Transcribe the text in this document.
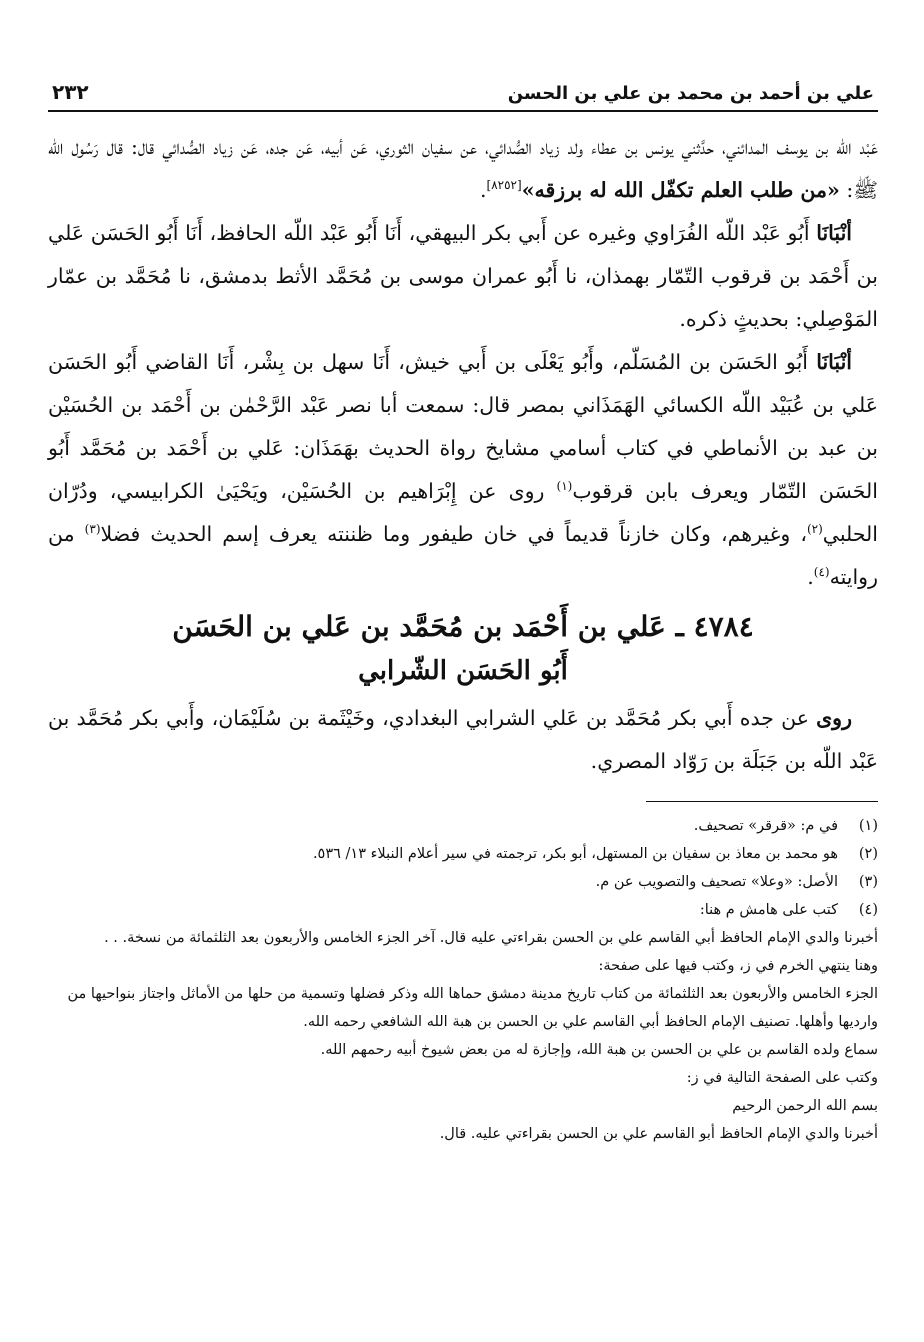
علي بن أحمد بن محمد بن علي بن الحسن
٢٣٢

عَبْد اللّه بن يوسف المدائني، حدَّثني يونس بن عطاء ولد زياد الصُّدائي، عن سفيان الثوري، عَن أبيه، عَن جده، عَن زياد الصُّدائي قال: قال رَسُول الله ﷺ: «من طلب العلم تكفّل الله له برزقه»[٨٢٥٢].

أنْبَانَا أَبُو عَبْد اللّه الفُرَاوي وغيره عن أَبي بكر البيهقي، أَنَا أَبُو عَبْد اللّه الحافظ، أَنَا أَبُو الحَسَن عَلي بن أَحْمَد بن قرقوب التّمّار بهمذان، نا أَبُو عمران موسى بن مُحَمَّد الأثط بدمشق، نا مُحَمَّد بن عمّار المَوْصِلي: بحديثٍ ذكره.

أنْبَانَا أَبُو الحَسَن بن المُسَلّم، وأَبُو يَعْلَى بن أَبي خيش، أَنَا سهل بن بِشْر، أَنَا القاضي أَبُو الحَسَن عَلي بن عُبَيْد اللّه الكسائي الهَمَذَاني بمصر قال: سمعت أبا نصر عَبْد الرَّحْمٰن بن أَحْمَد بن الحُسَيْن بن عبد بن الأنماطي في كتاب أسامي مشايخ رواة الحديث بهَمَذَان: عَلي بن أَحْمَد بن مُحَمَّد أَبُو الحَسَن التّمّار ويعرف بابن قرقوب$^{(١)}$ روى عن إِبْرَاهيم بن الحُسَيْن، ويَحْيَىٰ الكرابيسي، ودُرّان الحلبي$^{(٢)}$، وغيرهم، وكان خازناً قديماً في خان طيفور وما ظننته يعرف إسم الحديث فضلا$^{(٣)}$ من روايته$^{(٤)}$.

٤٧٨٤ ـ عَلي بن أَحْمَد بن مُحَمَّد بن عَلي بن الحَسَن
أَبُو الحَسَن الشّرابي

روى عن جده أَبي بكر مُحَمَّد بن عَلي الشرابي البغدادي، وخَيْثَمة بن سُلَيْمَان، وأَبي بكر مُحَمَّد بن عَبْد اللّه بن جَبَلَة بن رَوّاد المصري.

(١)
في م: «قرقر» تصحيف.
(٢)
هو محمد بن معاذ بن سفيان بن المستهل، أبو بكر، ترجمته في سير أعلام النبلاء ١٣/ ٥٣٦.
(٣)
الأصل: «وعلا» تصحيف والتصويب عن م.
(٤)
كتب على هامش م هنا:
أخبرنا والدي الإمام الحافظ أبي القاسم علي بن الحسن بقراءتي عليه قال. آخر الجزء الخامس والأربعون بعد الثلثمائة من نسخة. . .
وهنا ينتهي الخرم في ز، وكتب فيها على صفحة:
الجزء الخامس والأربعون بعد الثلثمائة من كتاب تاريخ مدينة دمشق حماها الله وذكر فضلها وتسمية من حلها من الأماثل واجتاز بنواحيها من وارديها وأهلها. تصنيف الإمام الحافظ أبي القاسم علي بن الحسن بن هبة الله الشافعي رحمه الله.
سماع ولده القاسم بن علي بن الحسن بن هبة الله، وإجازة له من بعض شيوخ أبيه رحمهم الله.
وكتب على الصفحة التالية في ز:
بسم الله الرحمن الرحيم
أخبرنا والدي الإمام الحافظ أبو القاسم علي بن الحسن بقراءتي عليه. قال.
